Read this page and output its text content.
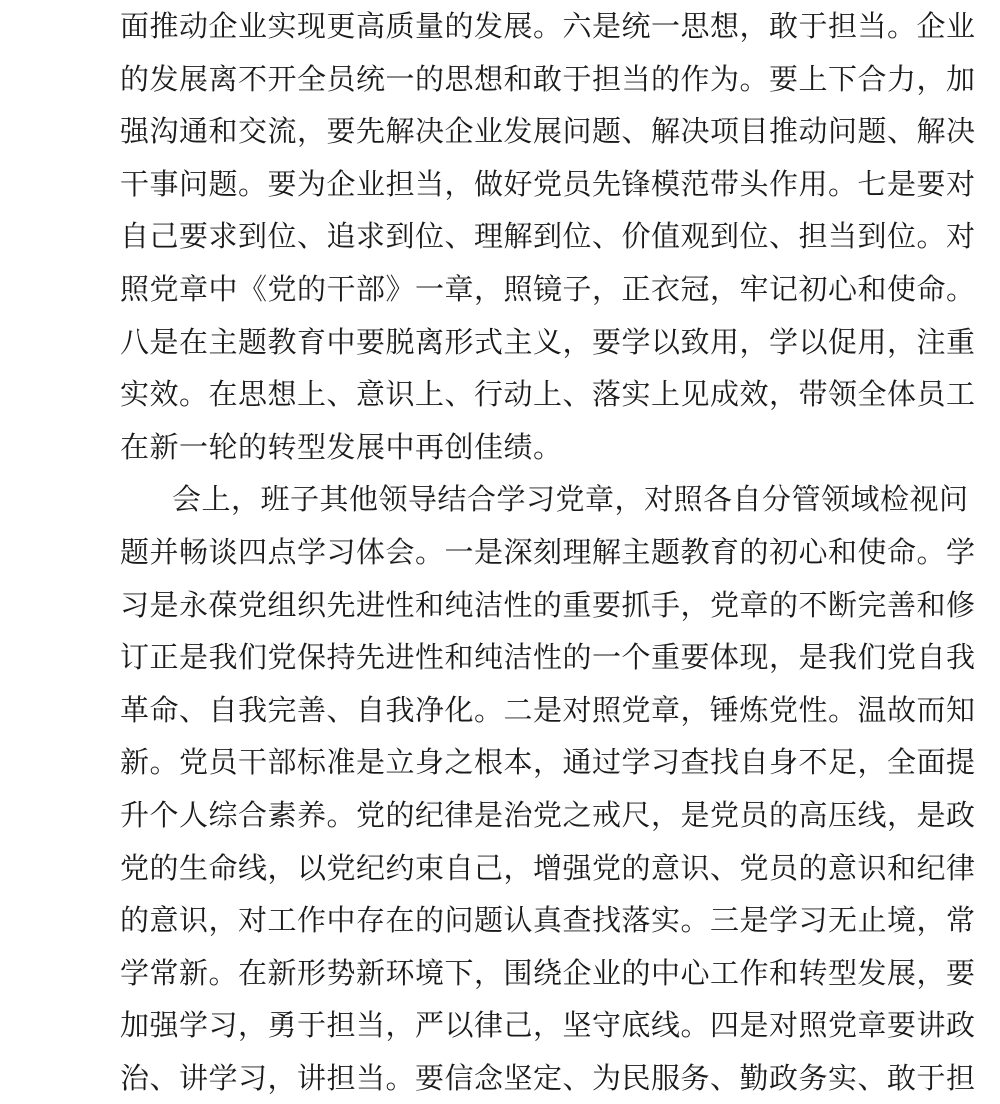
面推动企业实现更高质量的发展。六是统一思想，敢于担当。企业
的发展离不开全员统一的思想和敢于担当的作为。要上下合力，加
强沟通和交流，要先解决企业发展问题、解决项目推动问题、解决
干事问题。要为企业担当，做好党员先锋模范带头作用。七是要对
自己要求到位、追求到位、理解到位、价值观到位、担当到位。对
照党章中《党的干部》一章，照镜子，正衣冠，牢记初心和使命。
八是在主题教育中要脱离形式主义，要学以致用，学以促用，注重
实效。在思想上、意识上、行动上、落实上见成效，带领全体员工
在新一轮的转型发展中再创佳绩。
会上，班子其他领导结合学习党章，对照各自分管领域检视问
题并畅谈四点学习体会。一是深刻理解主题教育的初心和使命。学
习是永葆党组织先进性和纯洁性的重要抓手，党章的不断完善和修
订正是我们党保持先进性和纯洁性的一个重要体现，是我们党自我
革命、自我完善、自我净化。二是对照党章，锤炼党性。温故而知
新。党员干部标准是立身之根本，通过学习查找自身不足，全面提
升个人综合素养。党的纪律是治党之戒尺，是党员的高压线，是政
党的生命线，以党纪约束自己，增强党的意识、党员的意识和纪律
的意识，对工作中存在的问题认真查找落实。三是学习无止境，常
学常新。在新形势新环境下，围绕企业的中心工作和转型发展，要
加强学习，勇于担当，严以律己，坚守底线。四是对照党章要讲政
治、讲学习，讲担当。要信念坚定、为民服务、勤政务实、敢于担
